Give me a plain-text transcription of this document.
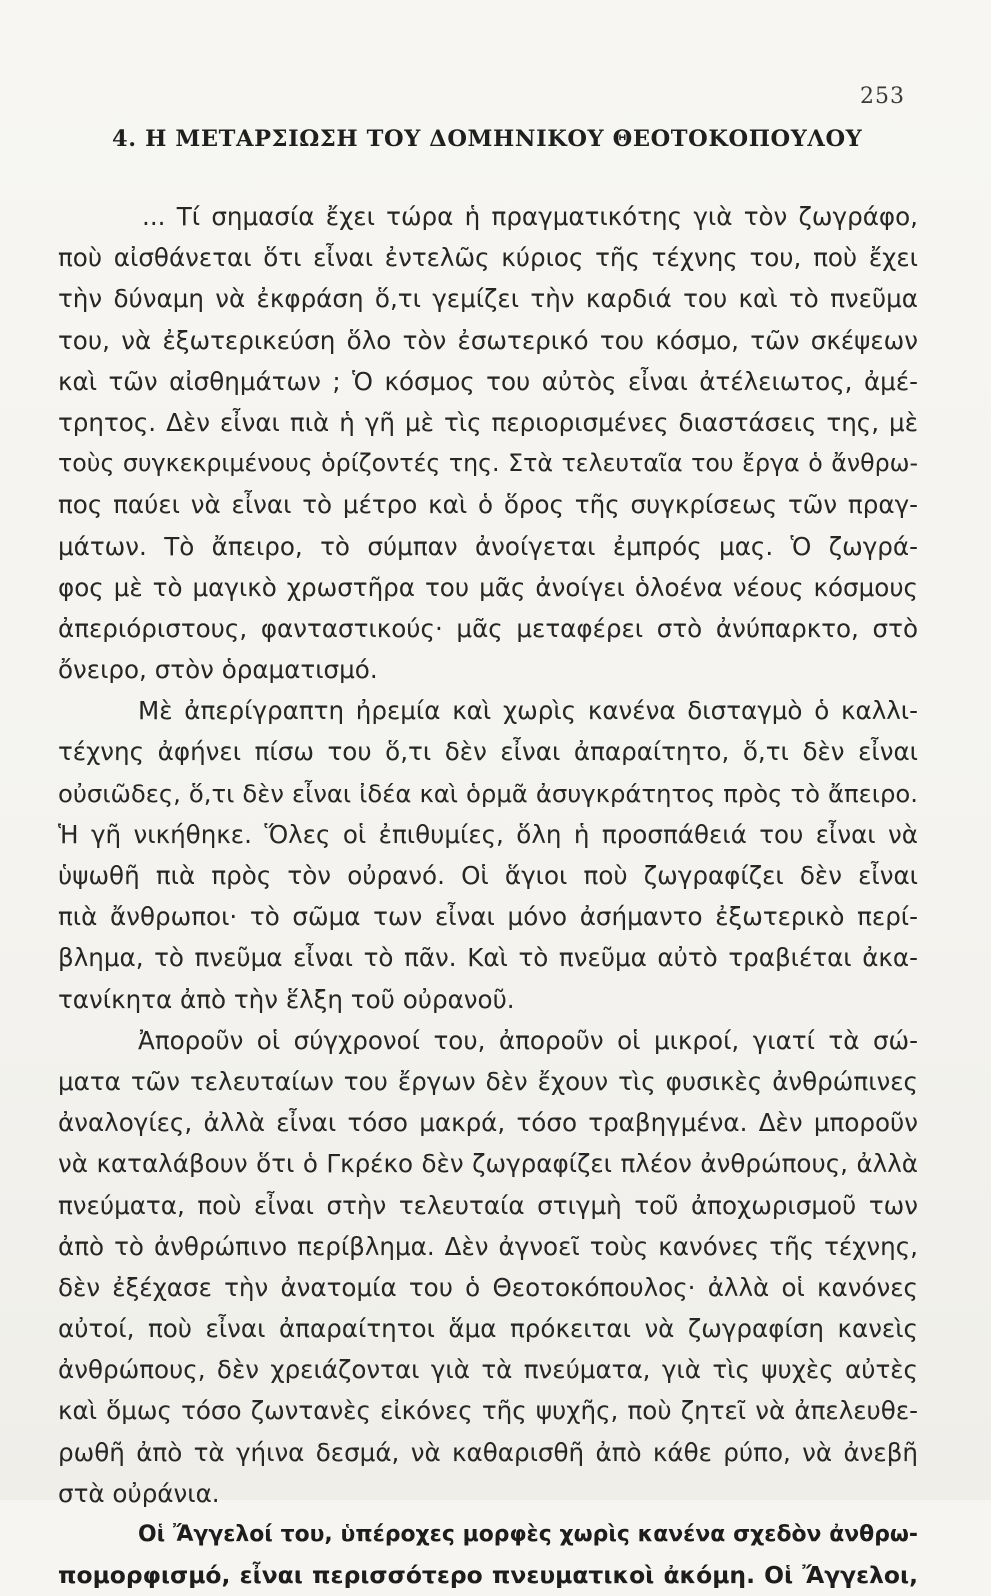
253
4. Η ΜΕΤΑΡΣΙΩΣΗ ΤΟΥ ΔΟΜΗΝΙΚΟΥ ΘΕΟΤΟΚΟΠΟΥΛΟΥ
... Τί σημασία ἔχει τώρα ἡ πραγματικότης γιὰ τὸν ζωγράφο,
ποὺ αἰσθάνεται ὅτι εἶναι ἐντελῶς κύριος τῆς τέχνης του, ποὺ ἔχει
τὴν δύναμη νὰ ἐκφράση ὅ,τι γεμίζει τὴν καρδιά του καὶ τὸ πνεῦμα
του, νὰ ἐξωτερικεύση ὅλο τὸν ἐσωτερικό του κόσμο, τῶν σκέψεων
καὶ τῶν αἰσθημάτων ; Ὁ κόσμος του αὐτὸς εἶναι ἀτέλειωτος, ἀμέ-
τρητος. Δὲν εἶναι πιὰ ἡ γῆ μὲ τὶς περιορισμένες διαστάσεις της, μὲ
τοὺς συγκεκριμένους ὁρίζοντές της. Στὰ τελευταῖα του ἔργα ὁ ἄνθρω-
πος παύει νὰ εἶναι τὸ μέτρο καὶ ὁ ὅρος τῆς συγκρίσεως τῶν πραγ-
μάτων. Τὸ ἄπειρο, τὸ σύμπαν ἀνοίγεται ἐμπρός μας. Ὁ ζωγρά-
φος μὲ τὸ μαγικὸ χρωστῆρα του μᾶς ἀνοίγει ὁλοένα νέους κόσμους
ἀπεριόριστους, φανταστικούς· μᾶς μεταφέρει στὸ ἀνύπαρκτο, στὸ
ὄνειρο, στὸν ὁραματισμό.
Μὲ ἀπερίγραπτη ἠρεμία καὶ χωρὶς κανένα δισταγμὸ ὁ καλλι-
τέχνης ἀφήνει πίσω του ὅ,τι δὲν εἶναι ἀπαραίτητο, ὅ,τι δὲν εἶναι
οὐσιῶδες, ὅ,τι δὲν εἶναι ἰδέα καὶ ὁρμᾶ ἀσυγκράτητος πρὸς τὸ ἄπειρο.
Ἡ γῆ νικήθηκε. Ὅλες οἱ ἐπιθυμίες, ὅλη ἡ προσπάθειά του εἶναι νὰ
ὑψωθῆ πιὰ πρὸς τὸν οὐρανό. Οἱ ἅγιοι ποὺ ζωγραφίζει δὲν εἶναι
πιὰ ἄνθρωποι· τὸ σῶμα των εἶναι μόνο ἀσήμαντο ἐξωτερικὸ περί-
βλημα, τὸ πνεῦμα εἶναι τὸ πᾶν. Καὶ τὸ πνεῦμα αὐτὸ τραβιέται ἀκα-
τανίκητα ἀπὸ τὴν ἕλξη τοῦ οὐρανοῦ.
Ἀποροῦν οἱ σύγχρονοί του, ἀποροῦν οἱ μικροί, γιατί τὰ σώ-
ματα τῶν τελευταίων του ἔργων δὲν ἔχουν τὶς φυσικὲς ἀνθρώπινες
ἀναλογίες, ἀλλὰ εἶναι τόσο μακρά, τόσο τραβηγμένα. Δὲν μποροῦν
νὰ καταλάβουν ὅτι ὁ Γκρέκο δὲν ζωγραφίζει πλέον ἀνθρώπους, ἀλλὰ
πνεύματα, ποὺ εἶναι στὴν τελευταία στιγμὴ τοῦ ἀποχωρισμοῦ των
ἀπὸ τὸ ἀνθρώπινο περίβλημα. Δὲν ἀγνοεῖ τοὺς κανόνες τῆς τέχνης,
δὲν ἐξέχασε τὴν ἀνατομία του ὁ Θεοτοκόπουλος· ἀλλὰ οἱ κανόνες
αὐτοί, ποὺ εἶναι ἀπαραίτητοι ἅμα πρόκειται νὰ ζωγραφίση κανεὶς
ἀνθρώπους, δὲν χρειάζονται γιὰ τὰ πνεύματα, γιὰ τὶς ψυχὲς αὐτὲς
καὶ ὅμως τόσο ζωντανὲς εἰκόνες τῆς ψυχῆς, ποὺ ζητεῖ νὰ ἀπελευθε-
ρωθῆ ἀπὸ τὰ γήινα δεσμά, νὰ καθαρισθῆ ἀπὸ κάθε ρύπο, νὰ ἀνεβῆ
στὰ οὐράνια.
Οἱ Ἄγγελοί του, ὑπέροχες μορφὲς χωρὶς κανένα σχεδὸν ἀνθρω-
πομορφισμό, εἶναι περισσότερο πνευματικοὶ ἀκόμη. Οἱ Ἄγγελοι,
